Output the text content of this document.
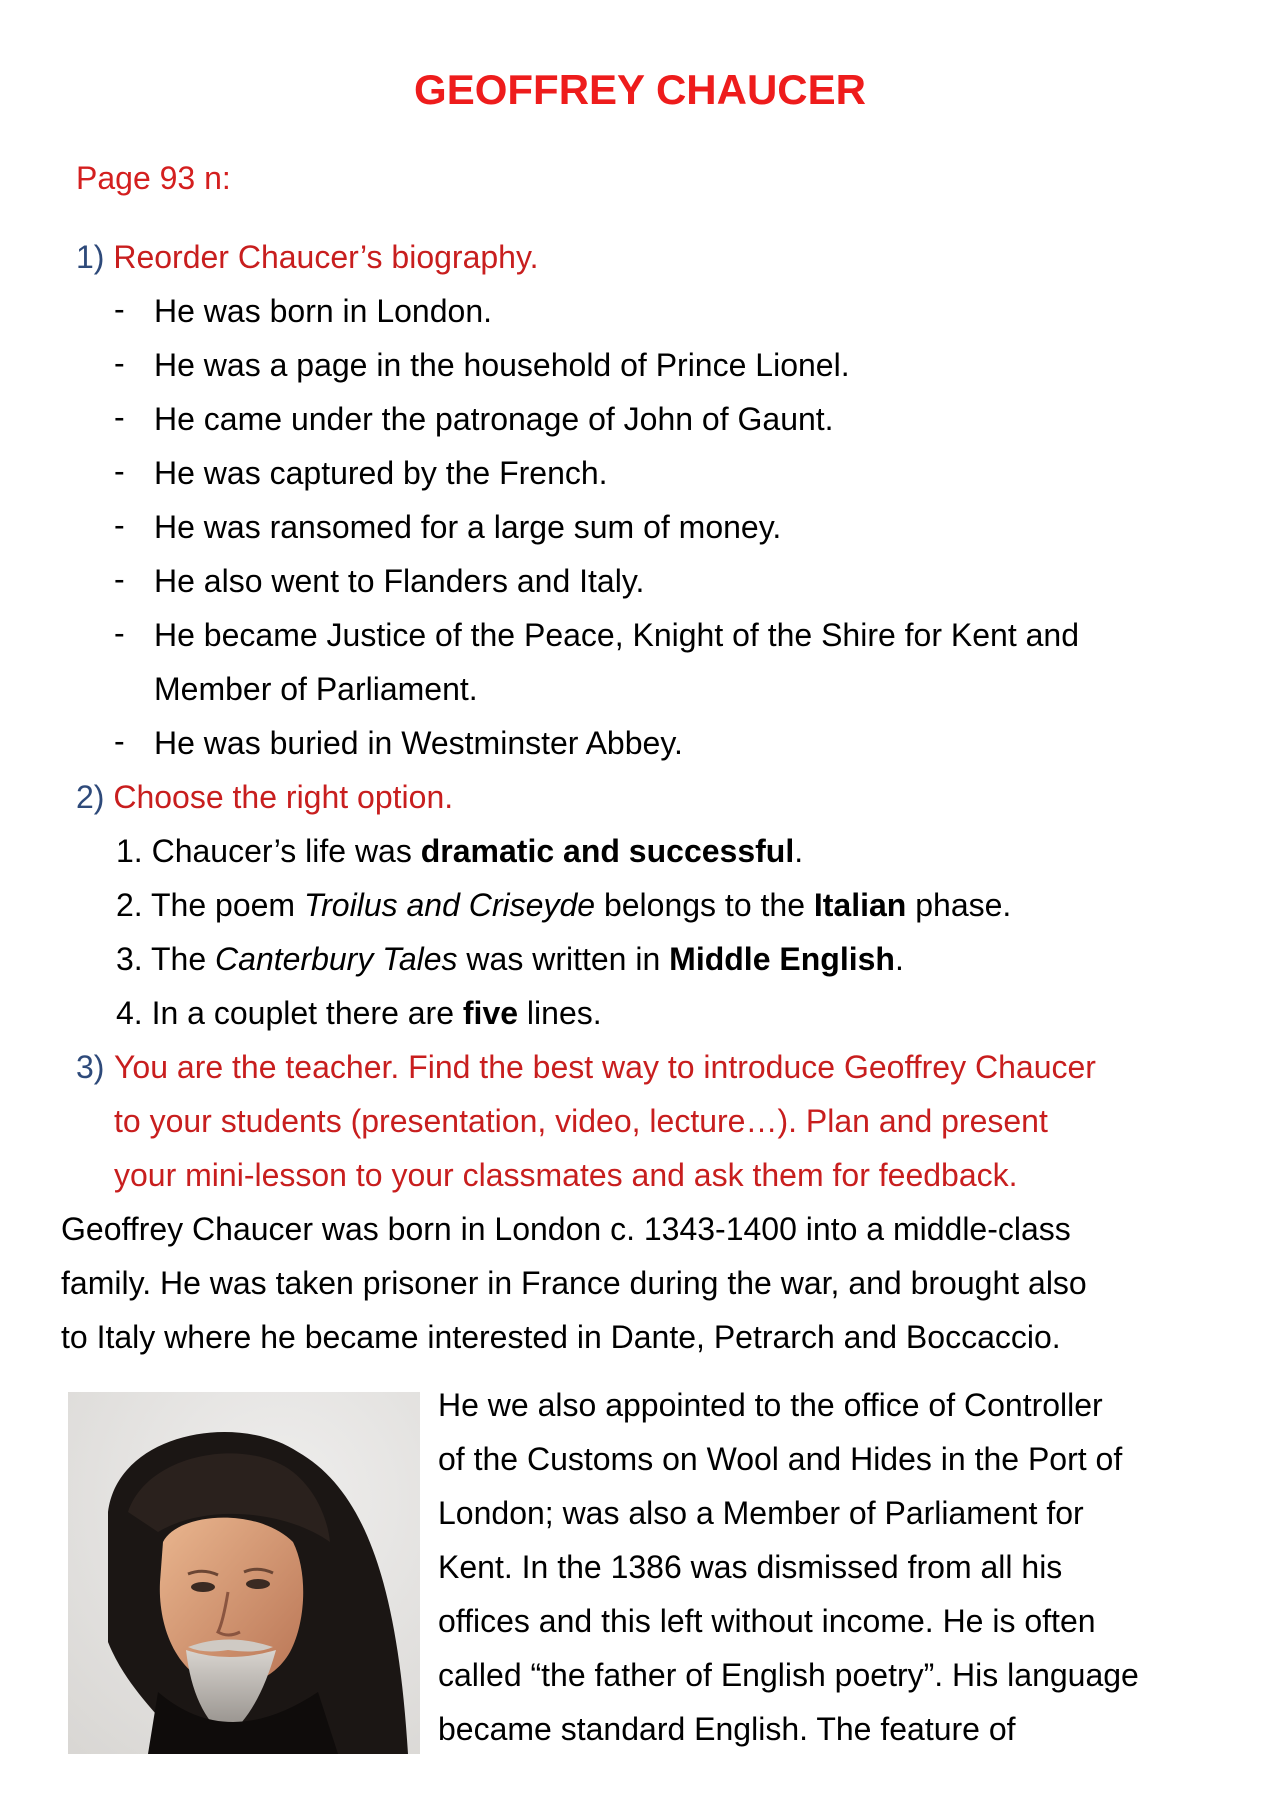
GEOFFREY CHAUCER
Page 93 n:
1) Reorder Chaucer’s biography.
- He was born in London.
- He was a page in the household of Prince Lionel.
- He came under the patronage of John of Gaunt.
- He was captured by the French.
- He was ransomed for a large sum of money.
- He also went to Flanders and Italy.
- He became Justice of the Peace, Knight of the Shire for Kent and
Member of Parliament.
- He was buried in Westminster Abbey.
2) Choose the right option.
1. Chaucer’s life was dramatic and successful.
2. The poem Troilus and Criseyde belongs to the Italian phase.
3. The Canterbury Tales was written in Middle English.
4. In a couplet there are five lines.
3) You are the teacher. Find the best way to introduce Geoffrey Chaucer
to your students (presentation, video, lecture…). Plan and present
your mini-lesson to your classmates and ask them for feedback.
Geoffrey Chaucer was born in London c. 1343-1400 into a middle-class
family. He was taken prisoner in France during the war, and brought also
to Italy where he became interested in Dante, Petrarch and Boccaccio.
He we also appointed to the office of Controller
of the Customs on Wool and Hides in the Port of
London; was also a Member of Parliament for
Kent. In the 1386 was dismissed from all his
offices and this left without income. He is often
called “the father of English poetry”. His language
became standard English. The feature of
